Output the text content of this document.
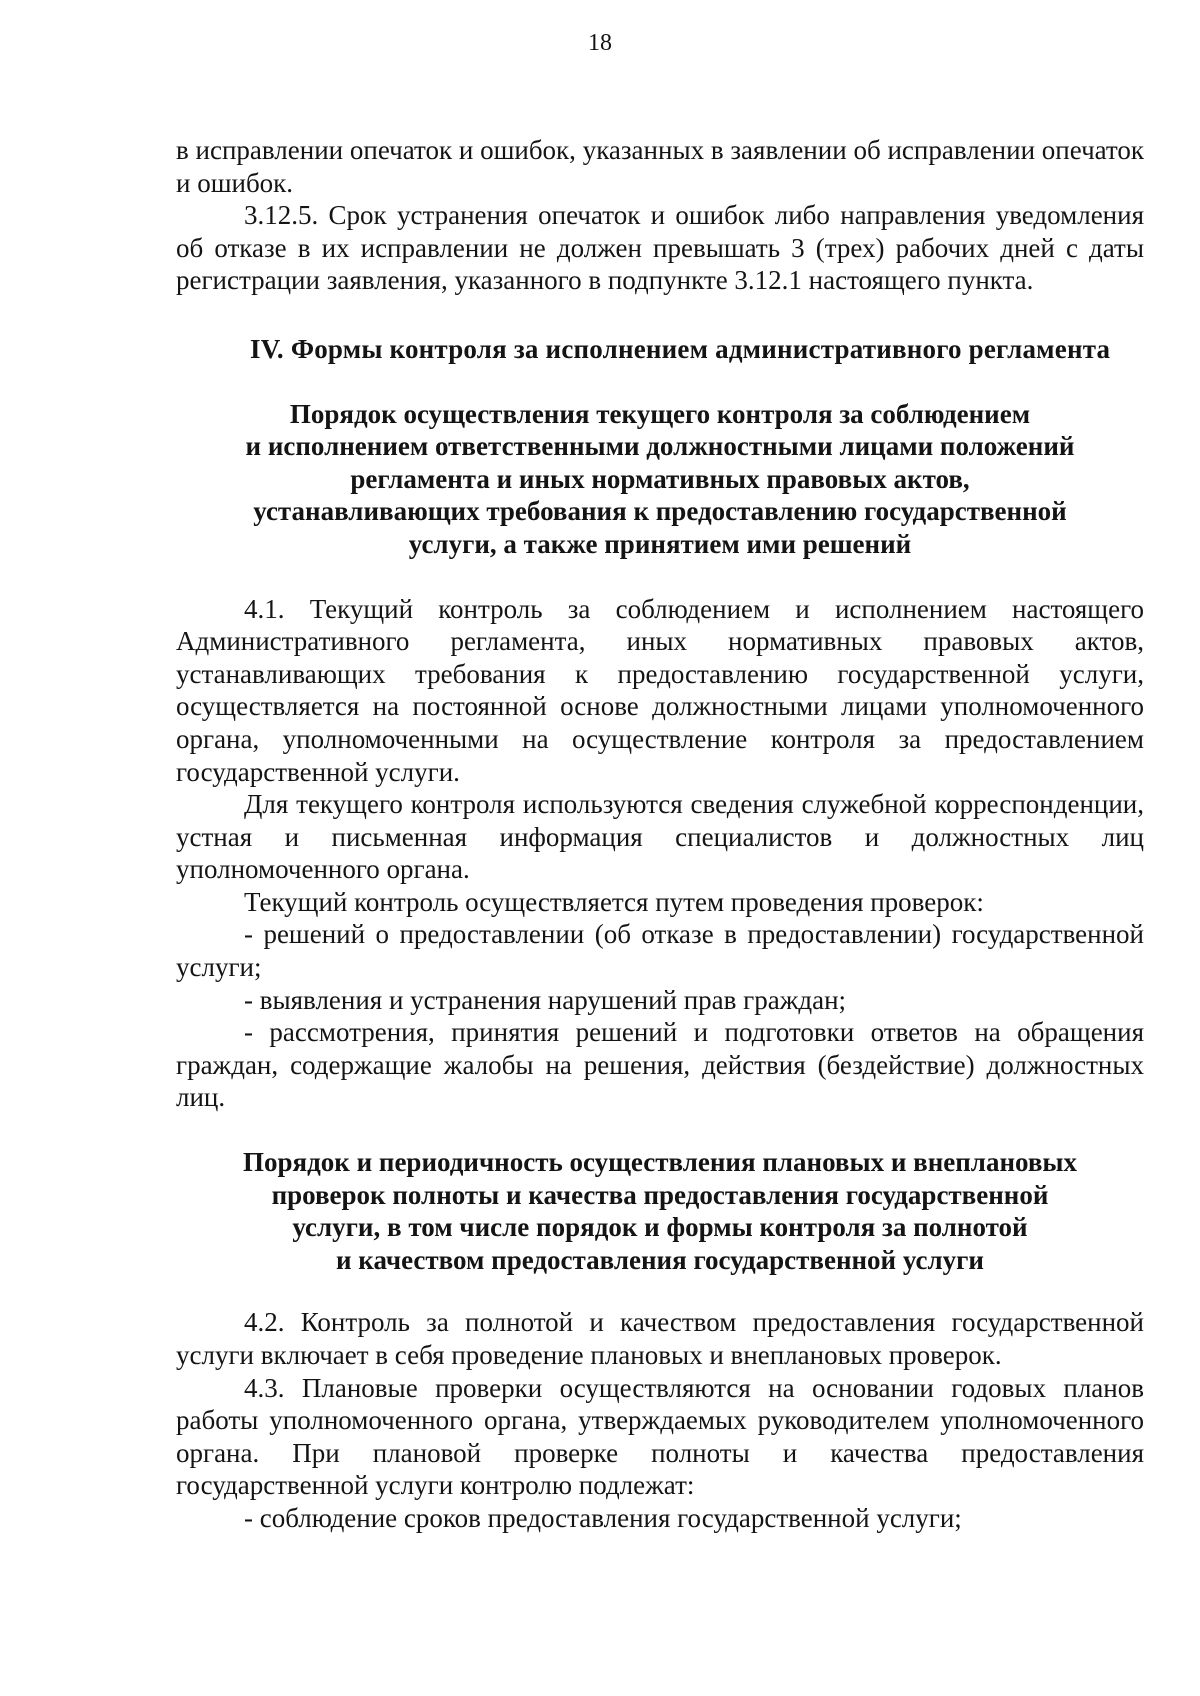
18

в исправлении опечаток и ошибок, указанных в заявлении об исправлении опечаток и ошибок.

3.12.5. Срок устранения опечаток и ошибок либо направления уведомления об отказе в их исправлении не должен превышать 3 (трех) рабочих дней с даты регистрации заявления, указанного в подпункте 3.12.1 настоящего пункта.

IV. Формы контроля за исполнением административного регламента
Порядок осуществления текущего контроля за соблюдением
и исполнением ответственными должностными лицами положений
регламента и иных нормативных правовых актов,
устанавливающих требования к предоставлению государственной
услуги, а также принятием ими решений

4.1. Текущий контроль за соблюдением и исполнением настоящего Административного регламента, иных нормативных правовых актов, устанавливающих требования к предоставлению государственной услуги, осуществляется на постоянной основе должностными лицами уполномоченного органа, уполномоченными на осуществление контроля за предоставлением государственной услуги.

Для текущего контроля используются сведения служебной корреспонденции, устная и письменная информация специалистов и должностных лиц уполномоченного органа.

Текущий контроль осуществляется путем проведения проверок:

- решений о предоставлении (об отказе в предоставлении) государственной услуги;

- выявления и устранения нарушений прав граждан;

- рассмотрения, принятия решений и подготовки ответов на обращения граждан, содержащие жалобы на решения, действия (бездействие) должностных лиц.

Порядок и периодичность осуществления плановых и внеплановых
проверок полноты и качества предоставления государственной
услуги, в том числе порядок и формы контроля за полнотой
и качеством предоставления государственной услуги

4.2. Контроль за полнотой и качеством предоставления государственной услуги включает в себя проведение плановых и внеплановых проверок.

4.3. Плановые проверки осуществляются на основании годовых планов работы уполномоченного органа, утверждаемых руководителем уполномоченного органа. При плановой проверке полноты и качества предоставления государственной услуги контролю подлежат:

- соблюдение сроков предоставления государственной услуги;
